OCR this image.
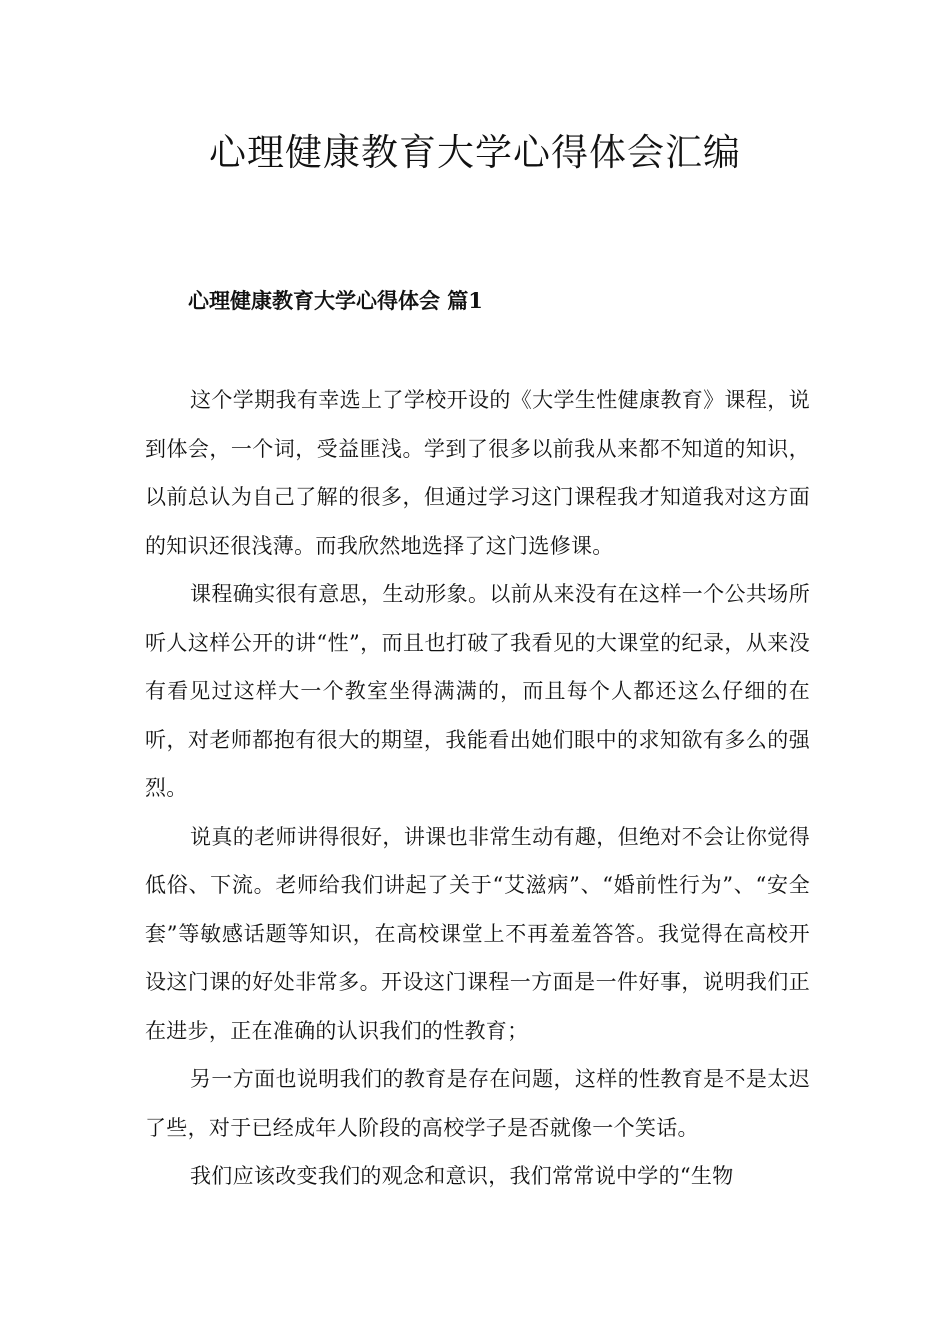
心理健康教育大学心得体会汇编
心理健康教育大学心得体会 篇1

这个学期我有幸选上了学校开设的《大学生性健康教育》课程，说到体会，一个词，受益匪浅。学到了很多以前我从来都不知道的知识，以前总认为自己了解的很多，但通过学习这门课程我才知道我对这方面的知识还很浅薄。而我欣然地选择了这门选修课。

课程确实很有意思，生动形象。以前从来没有在这样一个公共场所听人这样公开的讲“性”，而且也打破了我看见的大课堂的纪录，从来没有看见过这样大一个教室坐得满满的，而且每个人都还这么仔细的在听，对老师都抱有很大的期望，我能看出她们眼中的求知欲有多么的强烈。

说真的老师讲得很好，讲课也非常生动有趣，但绝对不会让你觉得低俗、下流。老师给我们讲起了关于“艾滋病”、“婚前性行为”、“安全套”等敏感话题等知识，在高校课堂上不再羞羞答答。我觉得在高校开设这门课的好处非常多。开设这门课程一方面是一件好事，说明我们正在进步，正在准确的认识我们的性教育；

另一方面也说明我们的教育是存在问题，这样的性教育是不是太迟了些，对于已经成年人阶段的高校学子是否就像一个笑话。

我们应该改变我们的观念和意识，我们常常说中学的“生物
